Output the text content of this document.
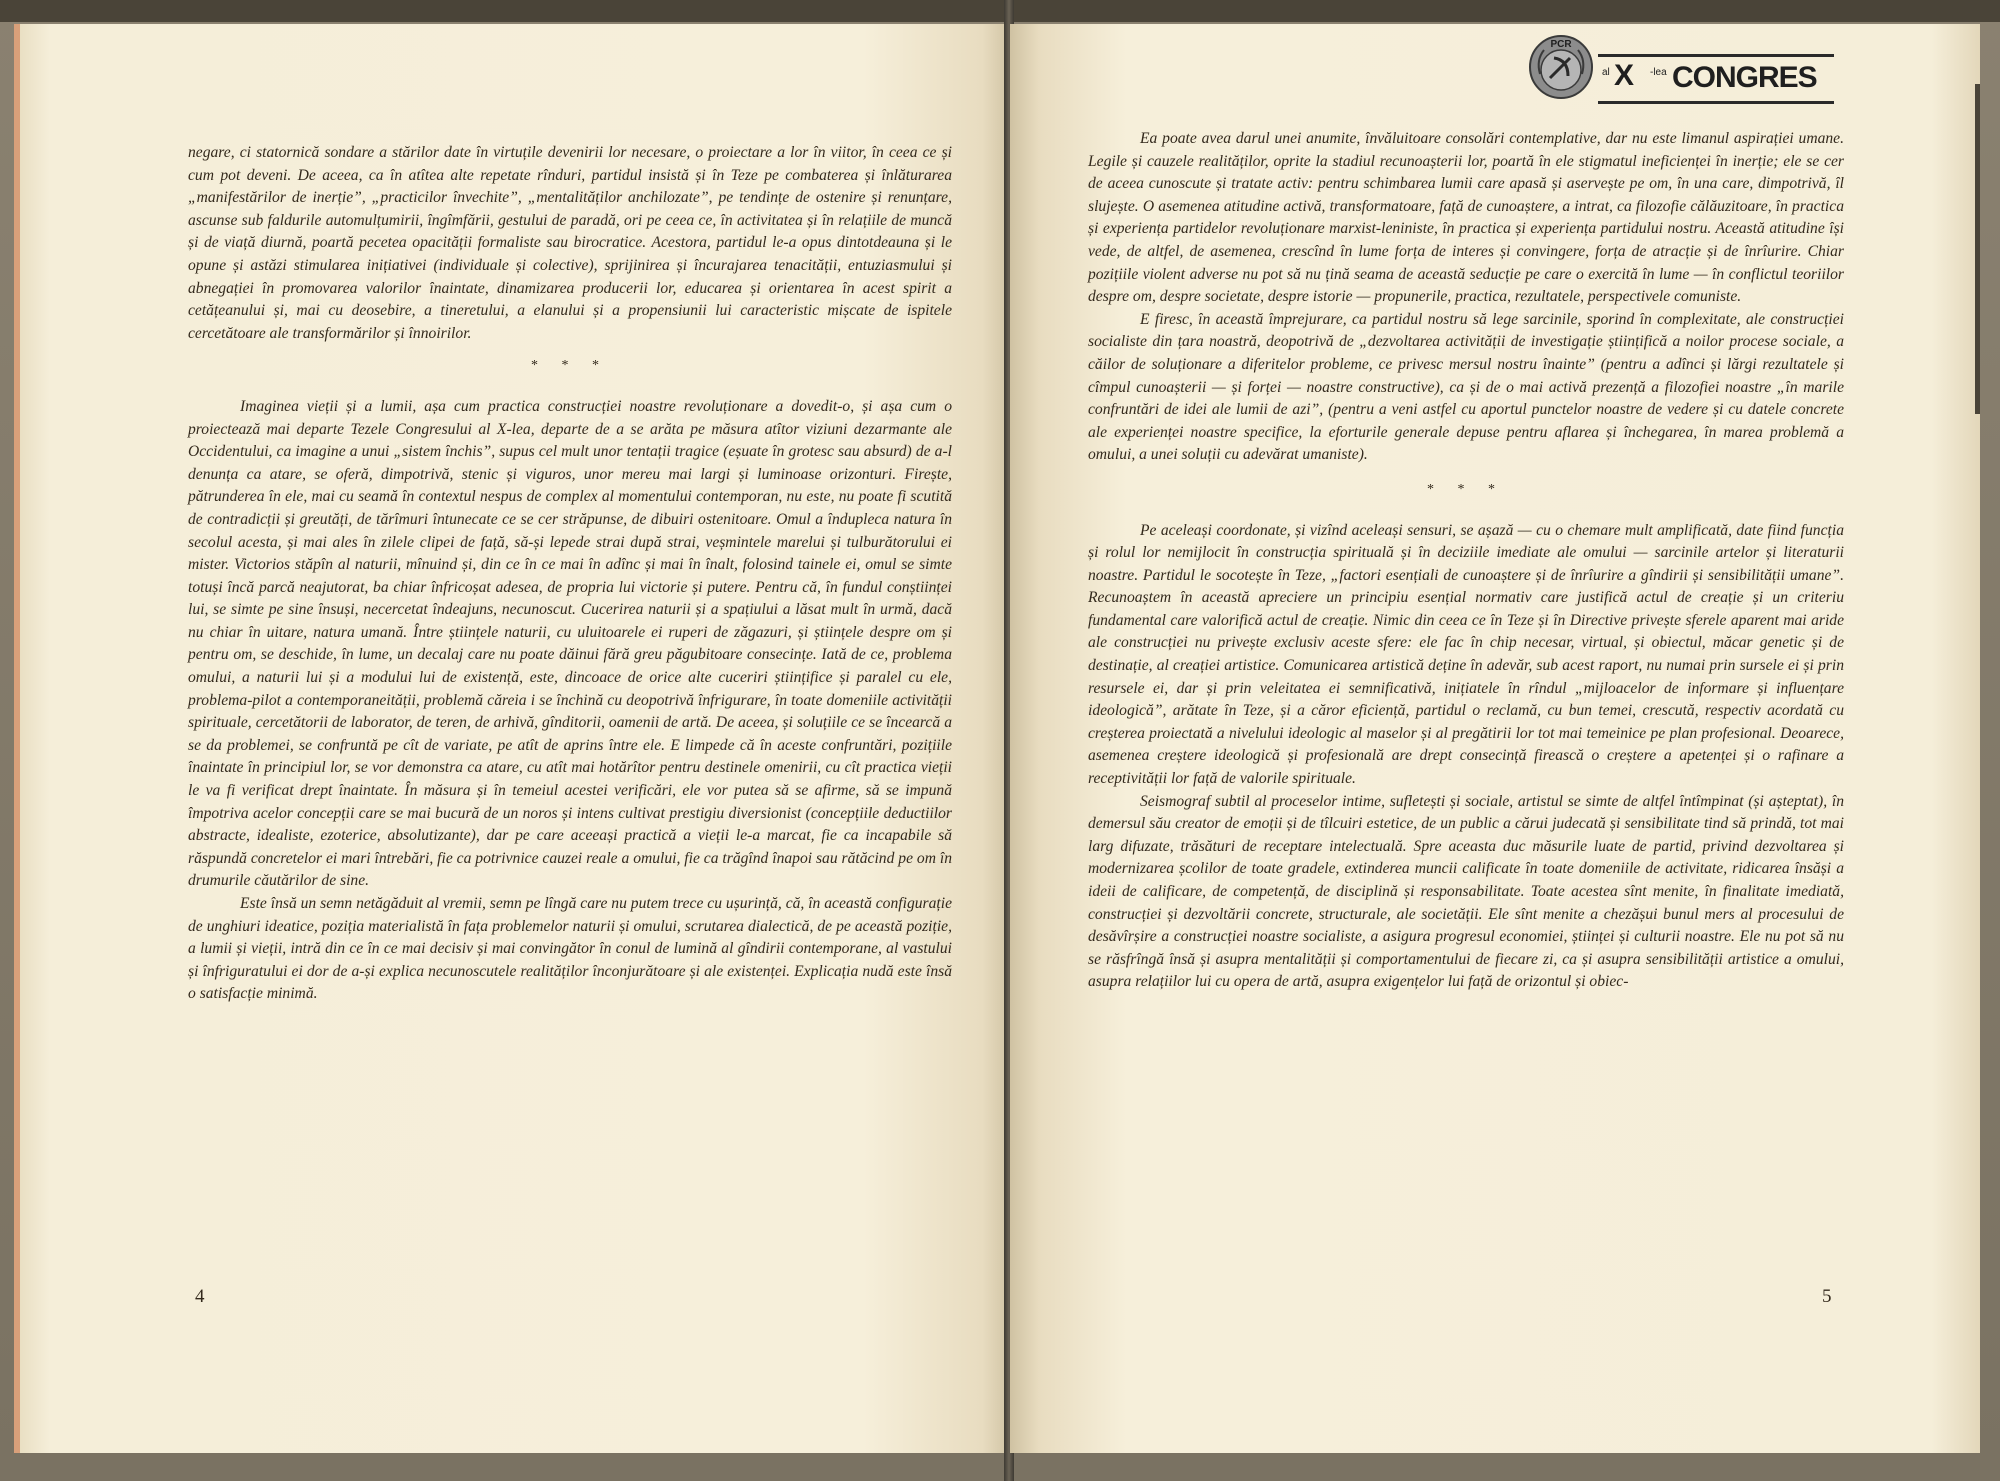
negare, ci statornică sondare a stărilor date în virtuțile devenirii lor necesare, o proiectare a lor în viitor, în ceea ce și cum pot deveni. De aceea, ca în atîtea alte repetate rînduri, partidul insistă și în Teze pe combaterea și înlăturarea „manifestărilor de inerție”, „practicilor învechite”, „mentalităților anchilozate”, pe tendințe de ostenire și renunțare, ascunse sub faldurile automulțumirii, îngîmfării, gestului de paradă, ori pe ceea ce, în activitatea și în relațiile de muncă și de viață diurnă, poartă pecetea opacității formaliste sau birocratice. Acestora, partidul le-a opus dintotdeauna și le opune și astăzi stimularea inițiativei (individuale și colective), sprijinirea și încurajarea tenacității, entuziasmului și abnegației în promovarea valorilor înaintate, dinamizarea producerii lor, educarea și orientarea în acest spirit a cetățeanului și, mai cu deosebire, a tineretului, a elanului și a propensiunii lui caracteristic mișcate de ispitele cercetătoare ale transformărilor și înnoirilor.

* * *

Imaginea vieții și a lumii, așa cum practica construcției noastre revoluționare a dovedit-o, și așa cum o proiectează mai departe Tezele Congresului al X-lea, departe de a se arăta pe măsura atîtor viziuni dezarmante ale Occidentului, ca imagine a unui „sistem închis”, supus cel mult unor tentații tragice (eșuate în grotesc sau absurd) de a-l denunța ca atare, se oferă, dimpotrivă, stenic și viguros, unor mereu mai largi și luminoase orizonturi. Firește, pătrunderea în ele, mai cu seamă în contextul nespus de complex al momentului contemporan, nu este, nu poate fi scutită de contradicții și greutăți, de tărîmuri întunecate ce se cer străpunse, de dibuiri ostenitoare. Omul a îndupleca natura în secolul acesta, și mai ales în zilele clipei de față, să-și lepede strai după strai, veșmintele marelui și tulburătorului ei mister. Victorios stăpîn al naturii, mînuind și, din ce în ce mai în adînc și mai în înalt, folosind tainele ei, omul se simte totuși încă parcă neajutorat, ba chiar înfricoșat adesea, de propria lui victorie și putere. Pentru că, în fundul conștiinței lui, se simte pe sine însuși, necercetat îndeajuns, necunoscut. Cucerirea naturii și a spațiului a lăsat mult în urmă, dacă nu chiar în uitare, natura umană. Între științele naturii, cu uluitoarele ei ruperi de zăgazuri, și științele despre om și pentru om, se deschide, în lume, un decalaj care nu poate dăinui fără greu păgubitoare consecințe. Iată de ce, problema omului, a naturii lui și a modului lui de existență, este, dincoace de orice alte cuceriri științifice și paralel cu ele, problema-pilot a contemporaneității, problemă căreia i se închină cu deopotrivă înfrigurare, în toate domeniile activității spirituale, cercetătorii de laborator, de teren, de arhivă, gînditorii, oamenii de artă. De aceea, și soluțiile ce se încearcă a se da problemei, se confruntă pe cît de variate, pe atît de aprins între ele. E limpede că în aceste confruntări, pozițiile înaintate în principiul lor, se vor demonstra ca atare, cu atît mai hotărîtor pentru destinele omenirii, cu cît practica vieții le va fi verificat drept înaintate. În măsura și în temeiul acestei verificări, ele vor putea să se afirme, să se impună împotriva acelor concepții care se mai bucură de un noros și intens cultivat prestigiu diversionist (concepțiile deductiilor abstracte, idealiste, ezoterice, absolutizante), dar pe care aceeași practică a vieții le-a marcat, fie ca incapabile să răspundă concretelor ei mari întrebări, fie ca potrivnice cauzei reale a omului, fie ca trăgînd înapoi sau rătăcind pe om în drumurile căutărilor de sine.

Este însă un semn netăgăduit al vremii, semn pe lîngă care nu putem trece cu ușurință, că, în această configurație de unghiuri ideatice, poziția materialistă în fața problemelor naturii și omului, scrutarea dialectică, de pe această poziție, a lumii și vieții, intră din ce în ce mai decisiv și mai convingător în conul de lumină al gîndirii contemporane, al vastului și înfriguratului ei dor de a-și explica necunoscutele realităților înconjurătoare și ale existenței. Explicația nudă este însă o satisfacție minimă.

4
PCR
al X -lea CONGRES

Ea poate avea darul unei anumite, învăluitoare consolări contemplative, dar nu este limanul aspirației umane. Legile și cauzele realităților, oprite la stadiul recunoașterii lor, poartă în ele stigmatul ineficienței în inerție; ele se cer de aceea cunoscute și tratate activ: pentru schimbarea lumii care apasă și aservește pe om, în una care, dimpotrivă, îl slujește. O asemenea atitudine activă, transformatoare, față de cunoaștere, a intrat, ca filozofie călăuzitoare, în practica și experiența partidelor revoluționare marxist-leniniste, în practica și experiența partidului nostru. Această atitudine își vede, de altfel, de asemenea, crescînd în lume forța de interes și convingere, forța de atracție și de înrîurire. Chiar pozițiile violent adverse nu pot să nu țină seama de această seducție pe care o exercită în lume — în conflictul teoriilor despre om, despre societate, despre istorie — propunerile, practica, rezultatele, perspectivele comuniste.

E firesc, în această împrejurare, ca partidul nostru să lege sarcinile, sporind în complexitate, ale construcției socialiste din țara noastră, deopotrivă de „dezvoltarea activității de investigație științifică a noilor procese sociale, a căilor de soluționare a diferitelor probleme, ce privesc mersul nostru înainte” (pentru a adînci și lărgi rezultatele și cîmpul cunoașterii — și forței — noastre constructive), ca și de o mai activă prezență a filozofiei noastre „în marile confruntări de idei ale lumii de azi”, (pentru a veni astfel cu aportul punctelor noastre de vedere și cu datele concrete ale experienței noastre specifice, la eforturile generale depuse pentru aflarea și închegarea, în marea problemă a omului, a unei soluții cu adevărat umaniste).

* * *

Pe aceleași coordonate, și vizînd aceleași sensuri, se așază — cu o chemare mult amplificată, date fiind funcția și rolul lor nemijlocit în construcția spirituală și în deciziile imediate ale omului — sarcinile artelor și literaturii noastre. Partidul le socotește în Teze, „factori esențiali de cunoaștere și de înrîurire a gîndirii și sensibilității umane”. Recunoaștem în această apreciere un principiu esențial normativ care justifică actul de creație și un criteriu fundamental care valorifică actul de creație. Nimic din ceea ce în Teze și în Directive privește sferele aparent mai aride ale construcției nu privește exclusiv aceste sfere: ele fac în chip necesar, virtual, și obiectul, măcar genetic și de destinație, al creației artistice. Comunicarea artistică deține în adevăr, sub acest raport, nu numai prin sursele ei și prin resursele ei, dar și prin veleitatea ei semnificativă, inițiatele în rîndul „mijloacelor de informare și influențare ideologică”, arătate în Teze, și a căror eficiență, partidul o reclamă, cu bun temei, crescută, respectiv acordată cu creșterea proiectată a nivelului ideologic al maselor și al pregătirii lor tot mai temeinice pe plan profesional. Deoarece, asemenea creștere ideologică și profesională are drept consecință firească o creștere a apetenței și o rafinare a receptivității lor față de valorile spirituale.

Seismograf subtil al proceselor intime, sufletești și sociale, artistul se simte de altfel întîmpinat (și așteptat), în demersul său creator de emoții și de tîlcuiri estetice, de un public a cărui judecată și sensibilitate tind să prindă, tot mai larg difuzate, trăsături de receptare intelectuală. Spre aceasta duc măsurile luate de partid, privind dezvoltarea și modernizarea școlilor de toate gradele, extinderea muncii calificate în toate domeniile de activitate, ridicarea însăși a ideii de calificare, de competență, de disciplină și responsabilitate. Toate acestea sînt menite, în finalitate imediată, construcției și dezvoltării concrete, structurale, ale societății. Ele sînt menite a chezășui bunul mers al procesului de desăvîrșire a construcției noastre socialiste, a asigura progresul economiei, științei și culturii noastre. Ele nu pot să nu se răsfrîngă însă și asupra mentalității și comportamentului de fiecare zi, ca și asupra sensibilității artistice a omului, asupra relațiilor lui cu opera de artă, asupra exigențelor lui față de orizontul și obiec-

5
